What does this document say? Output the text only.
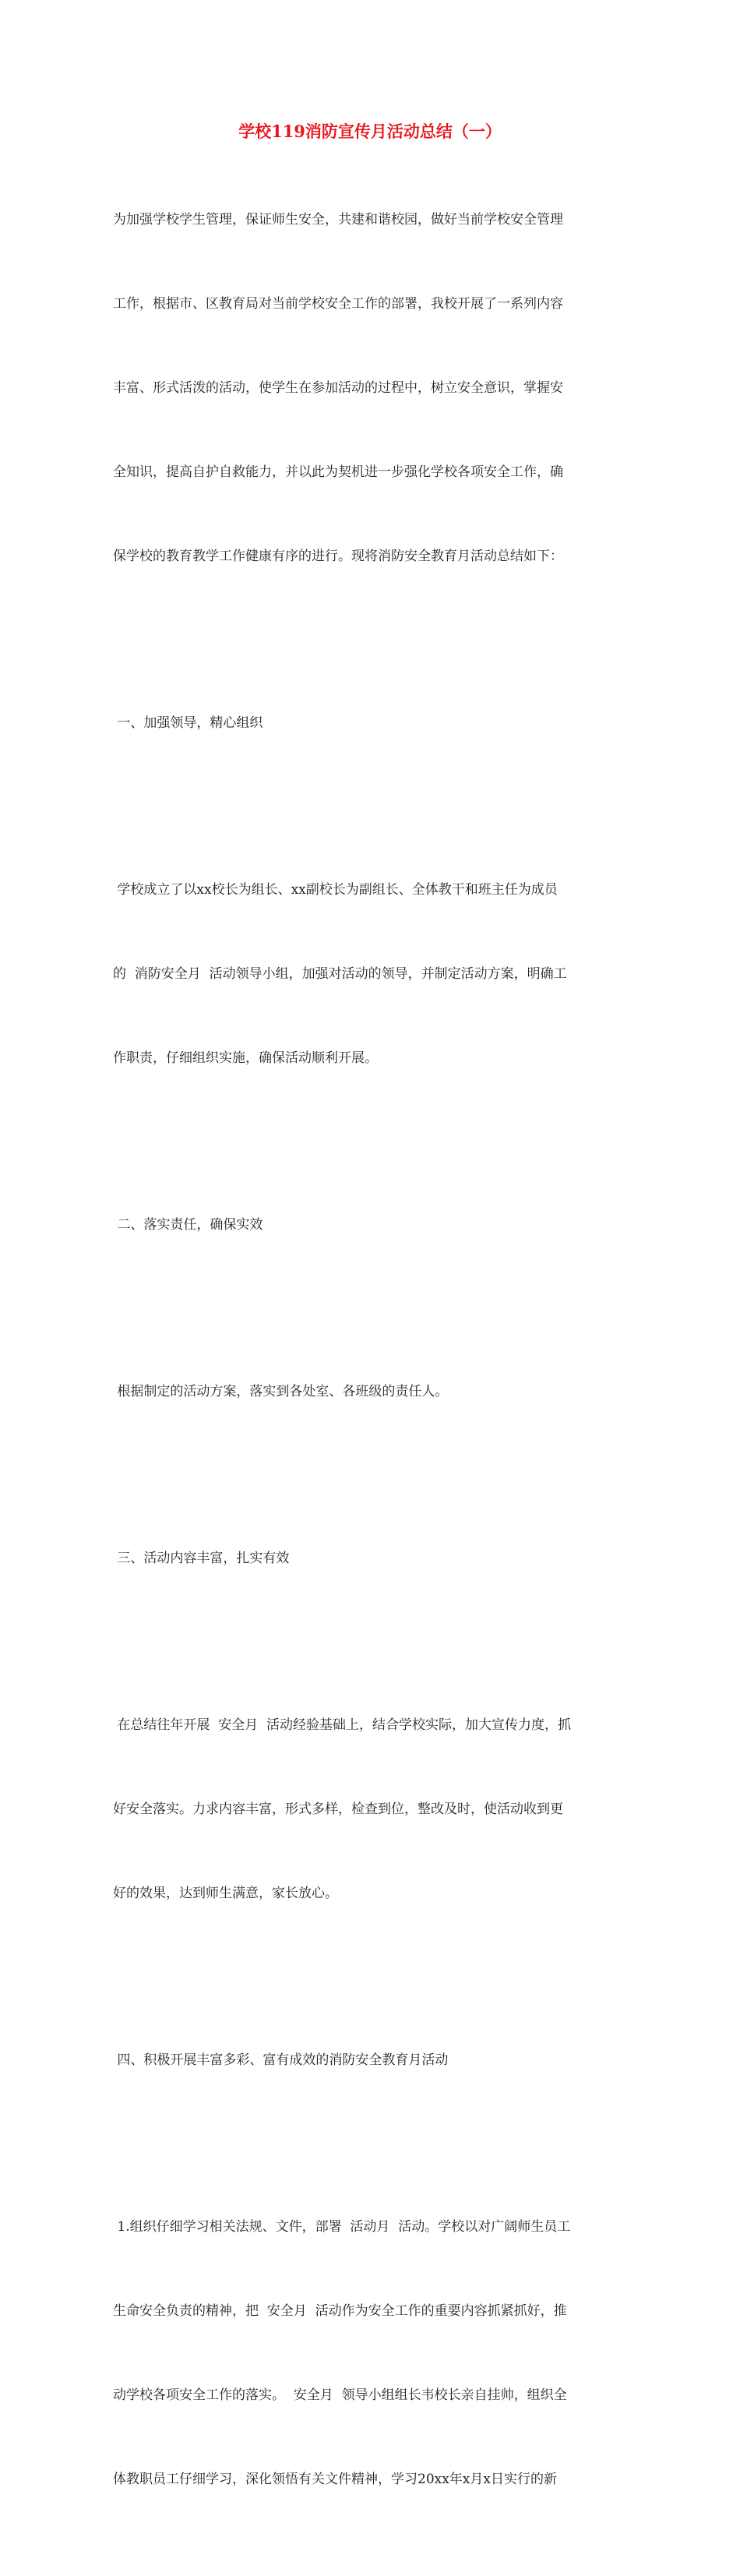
学校119消防宣传月活动总结（一）

为加强学校学生管理，保证师生安全，共建和谐校园，做好当前学校安全管理

工作，根据市、区教育局对当前学校安全工作的部署，我校开展了一系列内容

丰富、形式活泼的活动，使学生在参加活动的过程中，树立安全意识，掌握安

全知识，提高自护自救能力，并以此为契机进一步强化学校各项安全工作，确

保学校的教育教学工作健康有序的进行。现将消防安全教育月活动总结如下：

一、加强领导，精心组织

学校成立了以xx校长为组长、xx副校长为副组长、全体教干和班主任为成员

的  消防安全月  活动领导小组，加强对活动的领导，并制定活动方案，明确工

作职责，仔细组织实施，确保活动顺利开展。

二、落实责任，确保实效

根据制定的活动方案，落实到各处室、各班级的责任人。

三、活动内容丰富，扎实有效

在总结往年开展  安全月  活动经验基础上，结合学校实际，加大宣传力度，抓

好安全落实。力求内容丰富，形式多样，检查到位，整改及时，使活动收到更

好的效果，达到师生满意，家长放心。

四、积极开展丰富多彩、富有成效的消防安全教育月活动

1.组织仔细学习相关法规、文件，部署  活动月  活动。学校以对广阔师生员工

生命安全负责的精神，把  安全月  活动作为安全工作的重要内容抓紧抓好，推

动学校各项安全工作的落实。  安全月  领导小组组长韦校长亲自挂帅，组织全

体教职员工仔细学习，深化领悟有关文件精神，学习20xx年x月x日实行的新
